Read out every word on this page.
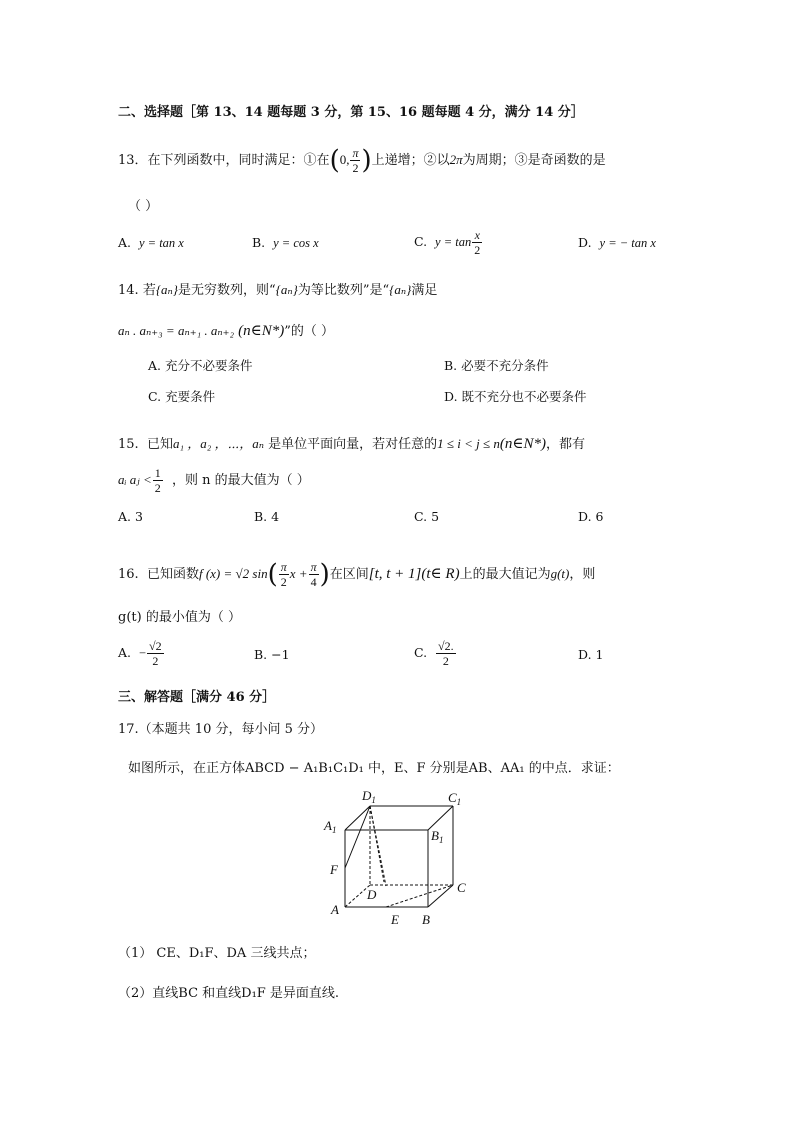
二、选择题［第 13、14 题每题 3 分，第 15、16 题每题 4 分，满分 14 分］
13．在下列函数中，同时满足：①在(0, $\frac{\pi}{2}$ )上递增；②以2π为周期；③是奇函数的是
（ ）
A. y = tan x	B. y = cos x	C. $y = \tan \frac{x}{2}$	D. y = − tan x
14. 若{aₙ}是无穷数列，则“{aₙ}为等比数列”是“{aₙ}满足
aₙ . aₙ₊₃ = aₙ₊₁ . aₙ₊₂ (n∈N*)”的（ ）
A. 充分不必要条件	B. 必要不充分条件
C. 充要条件	D. 既不充分也不必要条件
15. 已知a₁ ，a₂ ，⋯，aₙ 是单位平面向量，若对任意的1 ≤ i < j ≤ n(n∈N*)，都有
aᵢ aⱼ < $\frac{1}{2}$ ，则 n 的最大值为（ ）
A. 3	B. 4	C. 5	D. 6
16. 已知函数f (x) = √2 $\sin( \frac{\pi}{2}$ $x + \frac{\pi}{4}$ )在区间[t, t + 1](t∈ R)上的最大值记为g(t)，则
g(t) 的最小值为（ ）
A. − $\frac{√2}{2}$	B. −1	C. $\frac{√2.}{2}$	D. 1
三、解答题［满分 46 分］
17.（本题共 10 分，每小问 5 分）
如图所示，在正方体ABCD − A₁B₁C₁D₁ 中，E、F 分别是AB、AA₁ 的中点．求证：
$D_1$	$C_1$
$A_1$	$B_1$
F
D	C
A
E B
（1） CE、D₁F、DA 三线共点；
（2）直线BC 和直线D₁F 是异面直线.
